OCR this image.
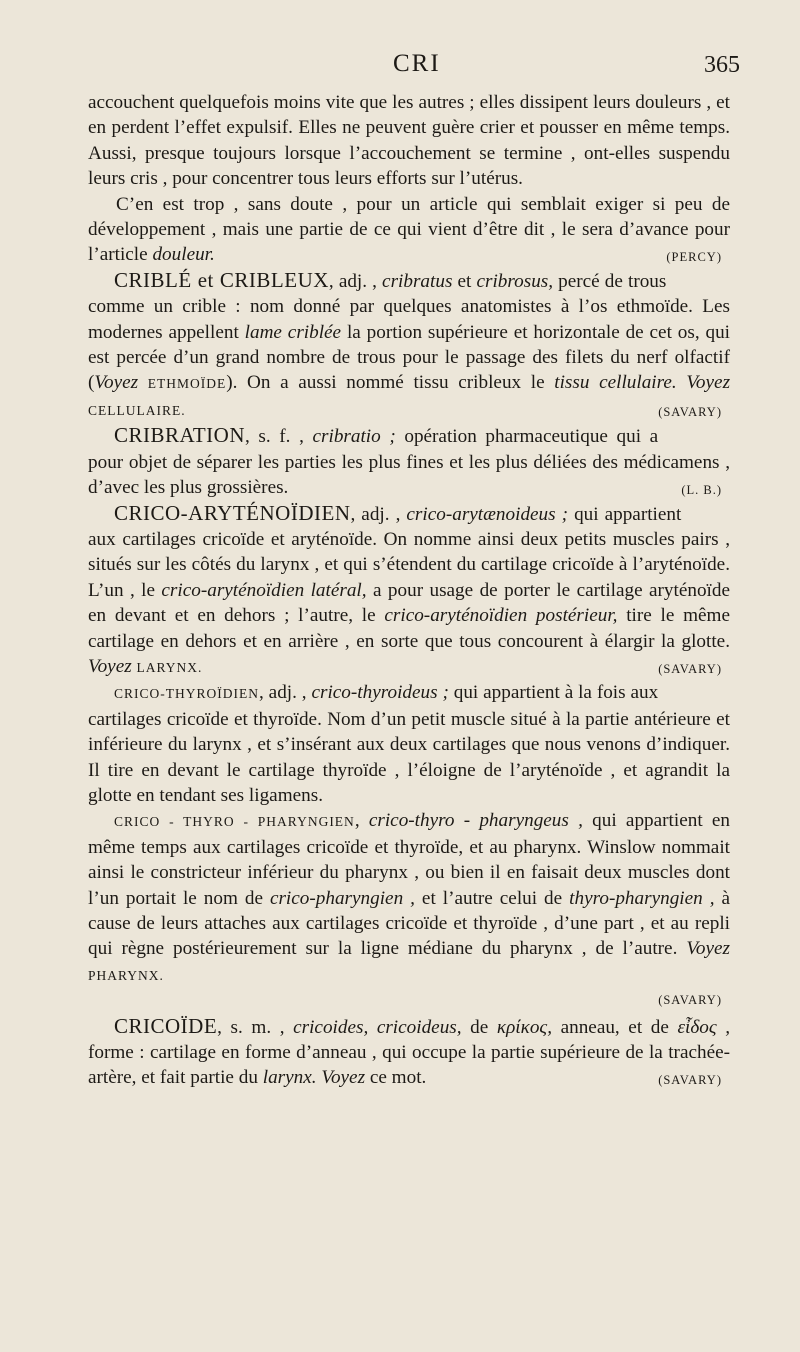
CRI	365

accouchent quelquefois moins vite que les autres ; elles dissipent leurs douleurs , et en perdent l’effet expulsif. Elles ne peuvent guère crier et pousser en même temps. Aussi, presque toujours lorsque l’accouchement se termine , ont-elles suspendu leurs cris , pour concentrer tous leurs efforts sur l’utérus.

C’en est trop , sans doute , pour un article qui semblait exiger si peu de développement , mais une partie de ce qui vient d’être dit , le sera d’avance pour l’article douleur.	(PERCY)

CRIBLÉ et CRIBLEUX, adj. , cribratus et cribrosus, percé de trous comme un crible : nom donné par quelques anatomistes à l’os ethmoïde. Les modernes appellent lame criblée la portion supérieure et horizontale de cet os, qui est percée d’un grand nombre de trous pour le passage des filets du nerf olfactif (Voyez ETHMOÏDE). On a aussi nommé tissu cribleux le tissu cellulaire. Voyez CELLULAIRE.	(SAVARY)

CRIBRATION, s. f. , cribratio ; opération pharmaceutique qui a pour objet de séparer les parties les plus fines et les plus déliées des médicamens , d’avec les plus grossières.	(L. B.)

CRICO-ARYTÉNOÏDIEN, adj. , crico-arytænoideus ; qui appartient aux cartilages cricoïde et aryténoïde. On nomme ainsi deux petits muscles pairs , situés sur les côtés du larynx , et qui s’étendent du cartilage cricoïde à l’aryténoïde. L’un , le crico-aryténoïdien latéral, a pour usage de porter le cartilage aryténoïde en devant et en dehors ; l’autre, le crico-aryténoïdien postérieur, tire le même cartilage en dehors et en arrière , en sorte que tous concourent à élargir la glotte. Voyez LARYNX.	(SAVARY)

CRICO-THYROÏDIEN, adj. , crico-thyroideus ; qui appartient à la fois aux cartilages cricoïde et thyroïde. Nom d’un petit muscle situé à la partie antérieure et inférieure du larynx , et s’insérant aux deux cartilages que nous venons d’indiquer. Il tire en devant le cartilage thyroïde , l’éloigne de l’aryténoïde , et agrandit la glotte en tendant ses ligamens.

CRICO - THYRO - PHARYNGIEN, crico-thyro - pharyngeus , qui appartient en même temps aux cartilages cricoïde et thyroïde, et au pharynx. Winslow nommait ainsi le constricteur inférieur du pharynx , ou bien il en faisait deux muscles dont l’un portait le nom de crico-pharyngien , et l’autre celui de thyro-pharyngien , à cause de leurs attaches aux cartilages cricoïde et thyroïde , d’une part , et au repli qui règne postérieurement sur la ligne médiane du pharynx , de l’autre. Voyez PHARYNX.

(SAVARY)

CRICOÏDE, s. m. , cricoides, cricoideus, de κρίκος, anneau, et de εἶδος , forme : cartilage en forme d’anneau , qui occupe la partie supérieure de la trachée-artère, et fait partie du larynx. Voyez ce mot.	(SAVARY)
